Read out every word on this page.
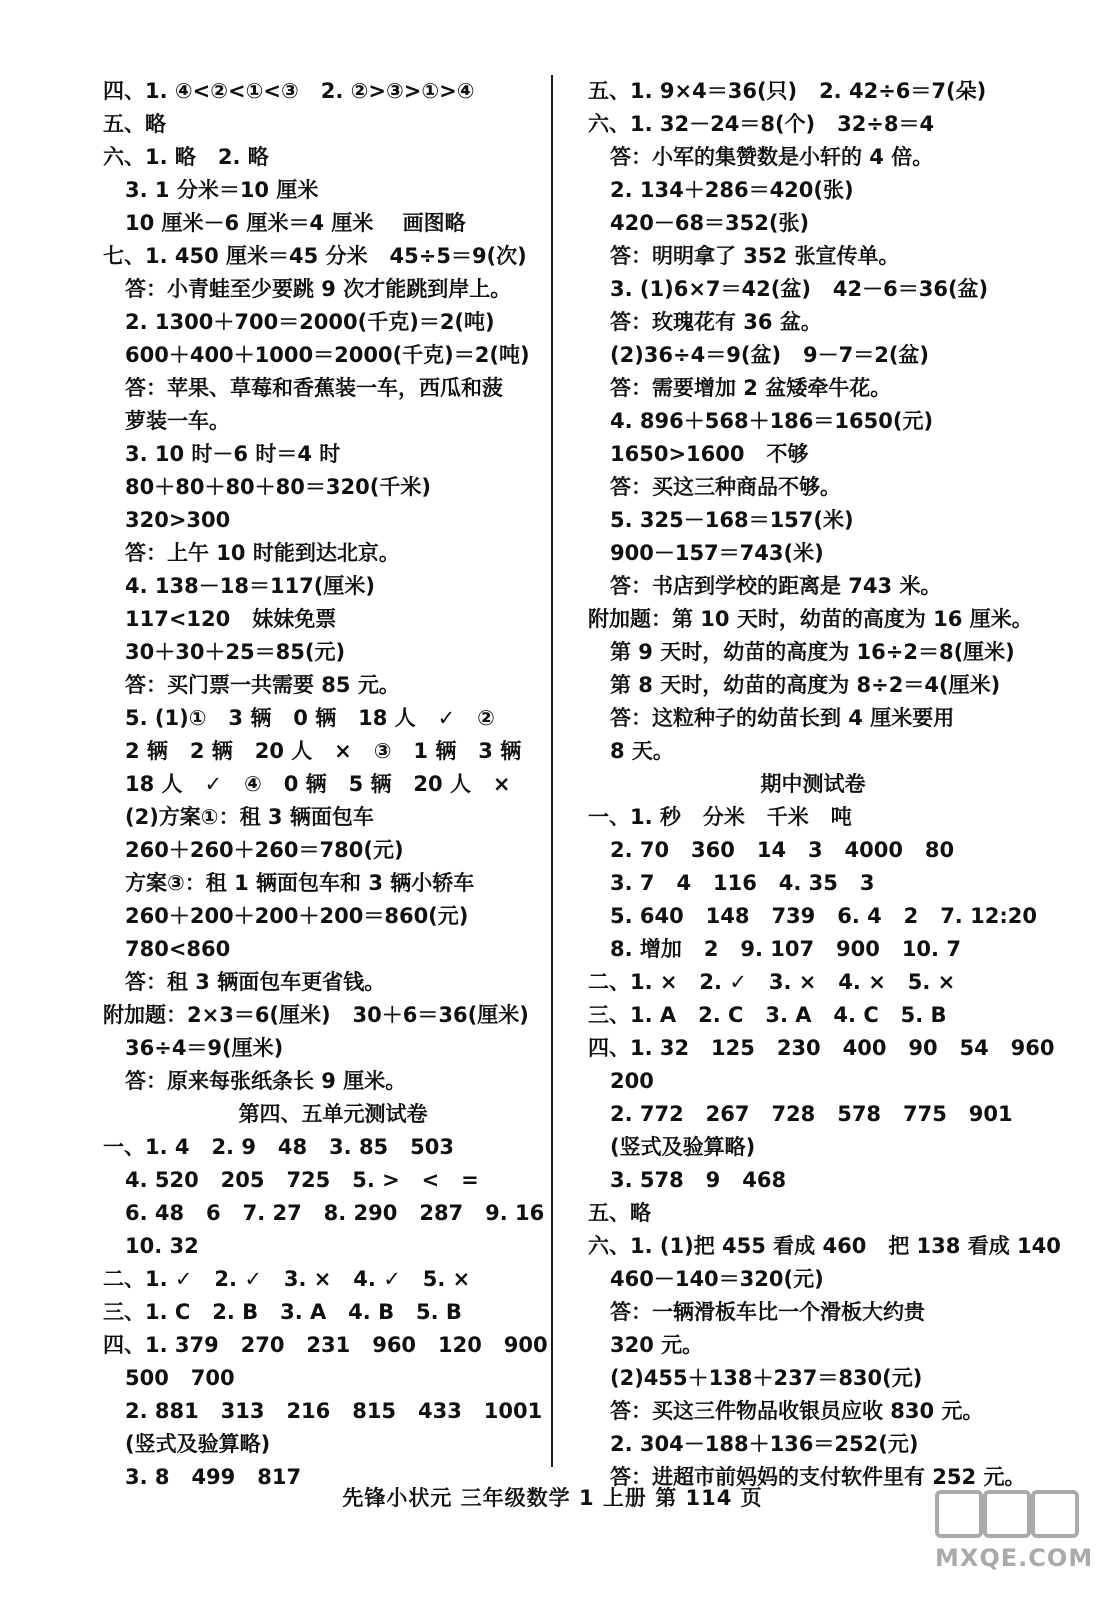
四、1. ④<②<①<③   2. ②>③>①>④
五、略
六、1. 略   2. 略
3. 1 分米＝10 厘米
10 厘米－6 厘米＝4 厘米    画图略
七、1. 450 厘米＝45 分米   45÷5＝9(次)
答：小青蛙至少要跳 9 次才能跳到岸上。
2. 1300＋700＝2000(千克)＝2(吨)
600＋400＋1000＝2000(千克)＝2(吨)
答：苹果、草莓和香蕉装一车，西瓜和菠
萝装一车。
3. 10 时－6 时＝4 时
80＋80＋80＋80＝320(千米)
320>300
答：上午 10 时能到达北京。
4. 138－18＝117(厘米)
117<120   妹妹免票
30＋30＋25＝85(元)
答：买门票一共需要 85 元。
5. (1)①   3 辆   0 辆   18 人   ✓   ②
2 辆   2 辆   20 人   ×   ③   1 辆   3 辆
18 人   ✓   ④   0 辆   5 辆   20 人   ×
(2)方案①：租 3 辆面包车
260＋260＋260＝780(元)
方案③：租 1 辆面包车和 3 辆小轿车
260＋200＋200＋200＝860(元)
780<860
答：租 3 辆面包车更省钱。
附加题：2×3＝6(厘米)   30＋6＝36(厘米)
36÷4＝9(厘米)
答：原来每张纸条长 9 厘米。
第四、五单元测试卷
一、1. 4   2. 9   48   3. 85   503
4. 520   205   725   5. >   <   =
6. 48   6   7. 27   8. 290   287   9. 16
10. 32
二、1. ✓   2. ✓   3. ×   4. ✓   5. ×
三、1. C   2. B   3. A   4. B   5. B
四、1. 379   270   231   960   120   900
500   700
2. 881   313   216   815   433   1001
(竖式及验算略)
3. 8   499   817
五、1. 9×4＝36(只)   2. 42÷6＝7(朵)
六、1. 32－24＝8(个)   32÷8＝4
答：小军的集赞数是小轩的 4 倍。
2. 134＋286＝420(张)
420－68＝352(张)
答：明明拿了 352 张宣传单。
3. (1)6×7＝42(盆)   42－6＝36(盆)
答：玫瑰花有 36 盆。
(2)36÷4＝9(盆)   9－7＝2(盆)
答：需要增加 2 盆矮牵牛花。
4. 896＋568＋186＝1650(元)
1650>1600   不够
答：买这三种商品不够。
5. 325－168＝157(米)
900－157＝743(米)
答：书店到学校的距离是 743 米。
附加题：第 10 天时，幼苗的高度为 16 厘米。
第 9 天时，幼苗的高度为 16÷2＝8(厘米)
第 8 天时，幼苗的高度为 8÷2＝4(厘米)
答：这粒种子的幼苗长到 4 厘米要用
8 天。
期中测试卷
一、1. 秒   分米   千米   吨
2. 70   360   14   3   4000   80
3. 7   4   116   4. 35   3
5. 640   148   739   6. 4   2   7. 12:20
8. 增加   2   9. 107   900   10. 7
二、1. ×   2. ✓   3. ×   4. ×   5. ×
三、1. A   2. C   3. A   4. C   5. B
四、1. 32   125   230   400   90   54   960
200
2. 772   267   728   578   775   901
(竖式及验算略)
3. 578   9   468
五、略
六、1. (1)把 455 看成 460   把 138 看成 140
460－140＝320(元)
答：一辆滑板车比一个滑板大约贵
320 元。
(2)455＋138＋237＝830(元)
答：买这三件物品收银员应收 830 元。
2. 304－188＋136＝252(元)
答：进超市前妈妈的支付软件里有 252 元。
先锋小状元 三年级数学 1 上册 第 114 页
MXQE.COM
